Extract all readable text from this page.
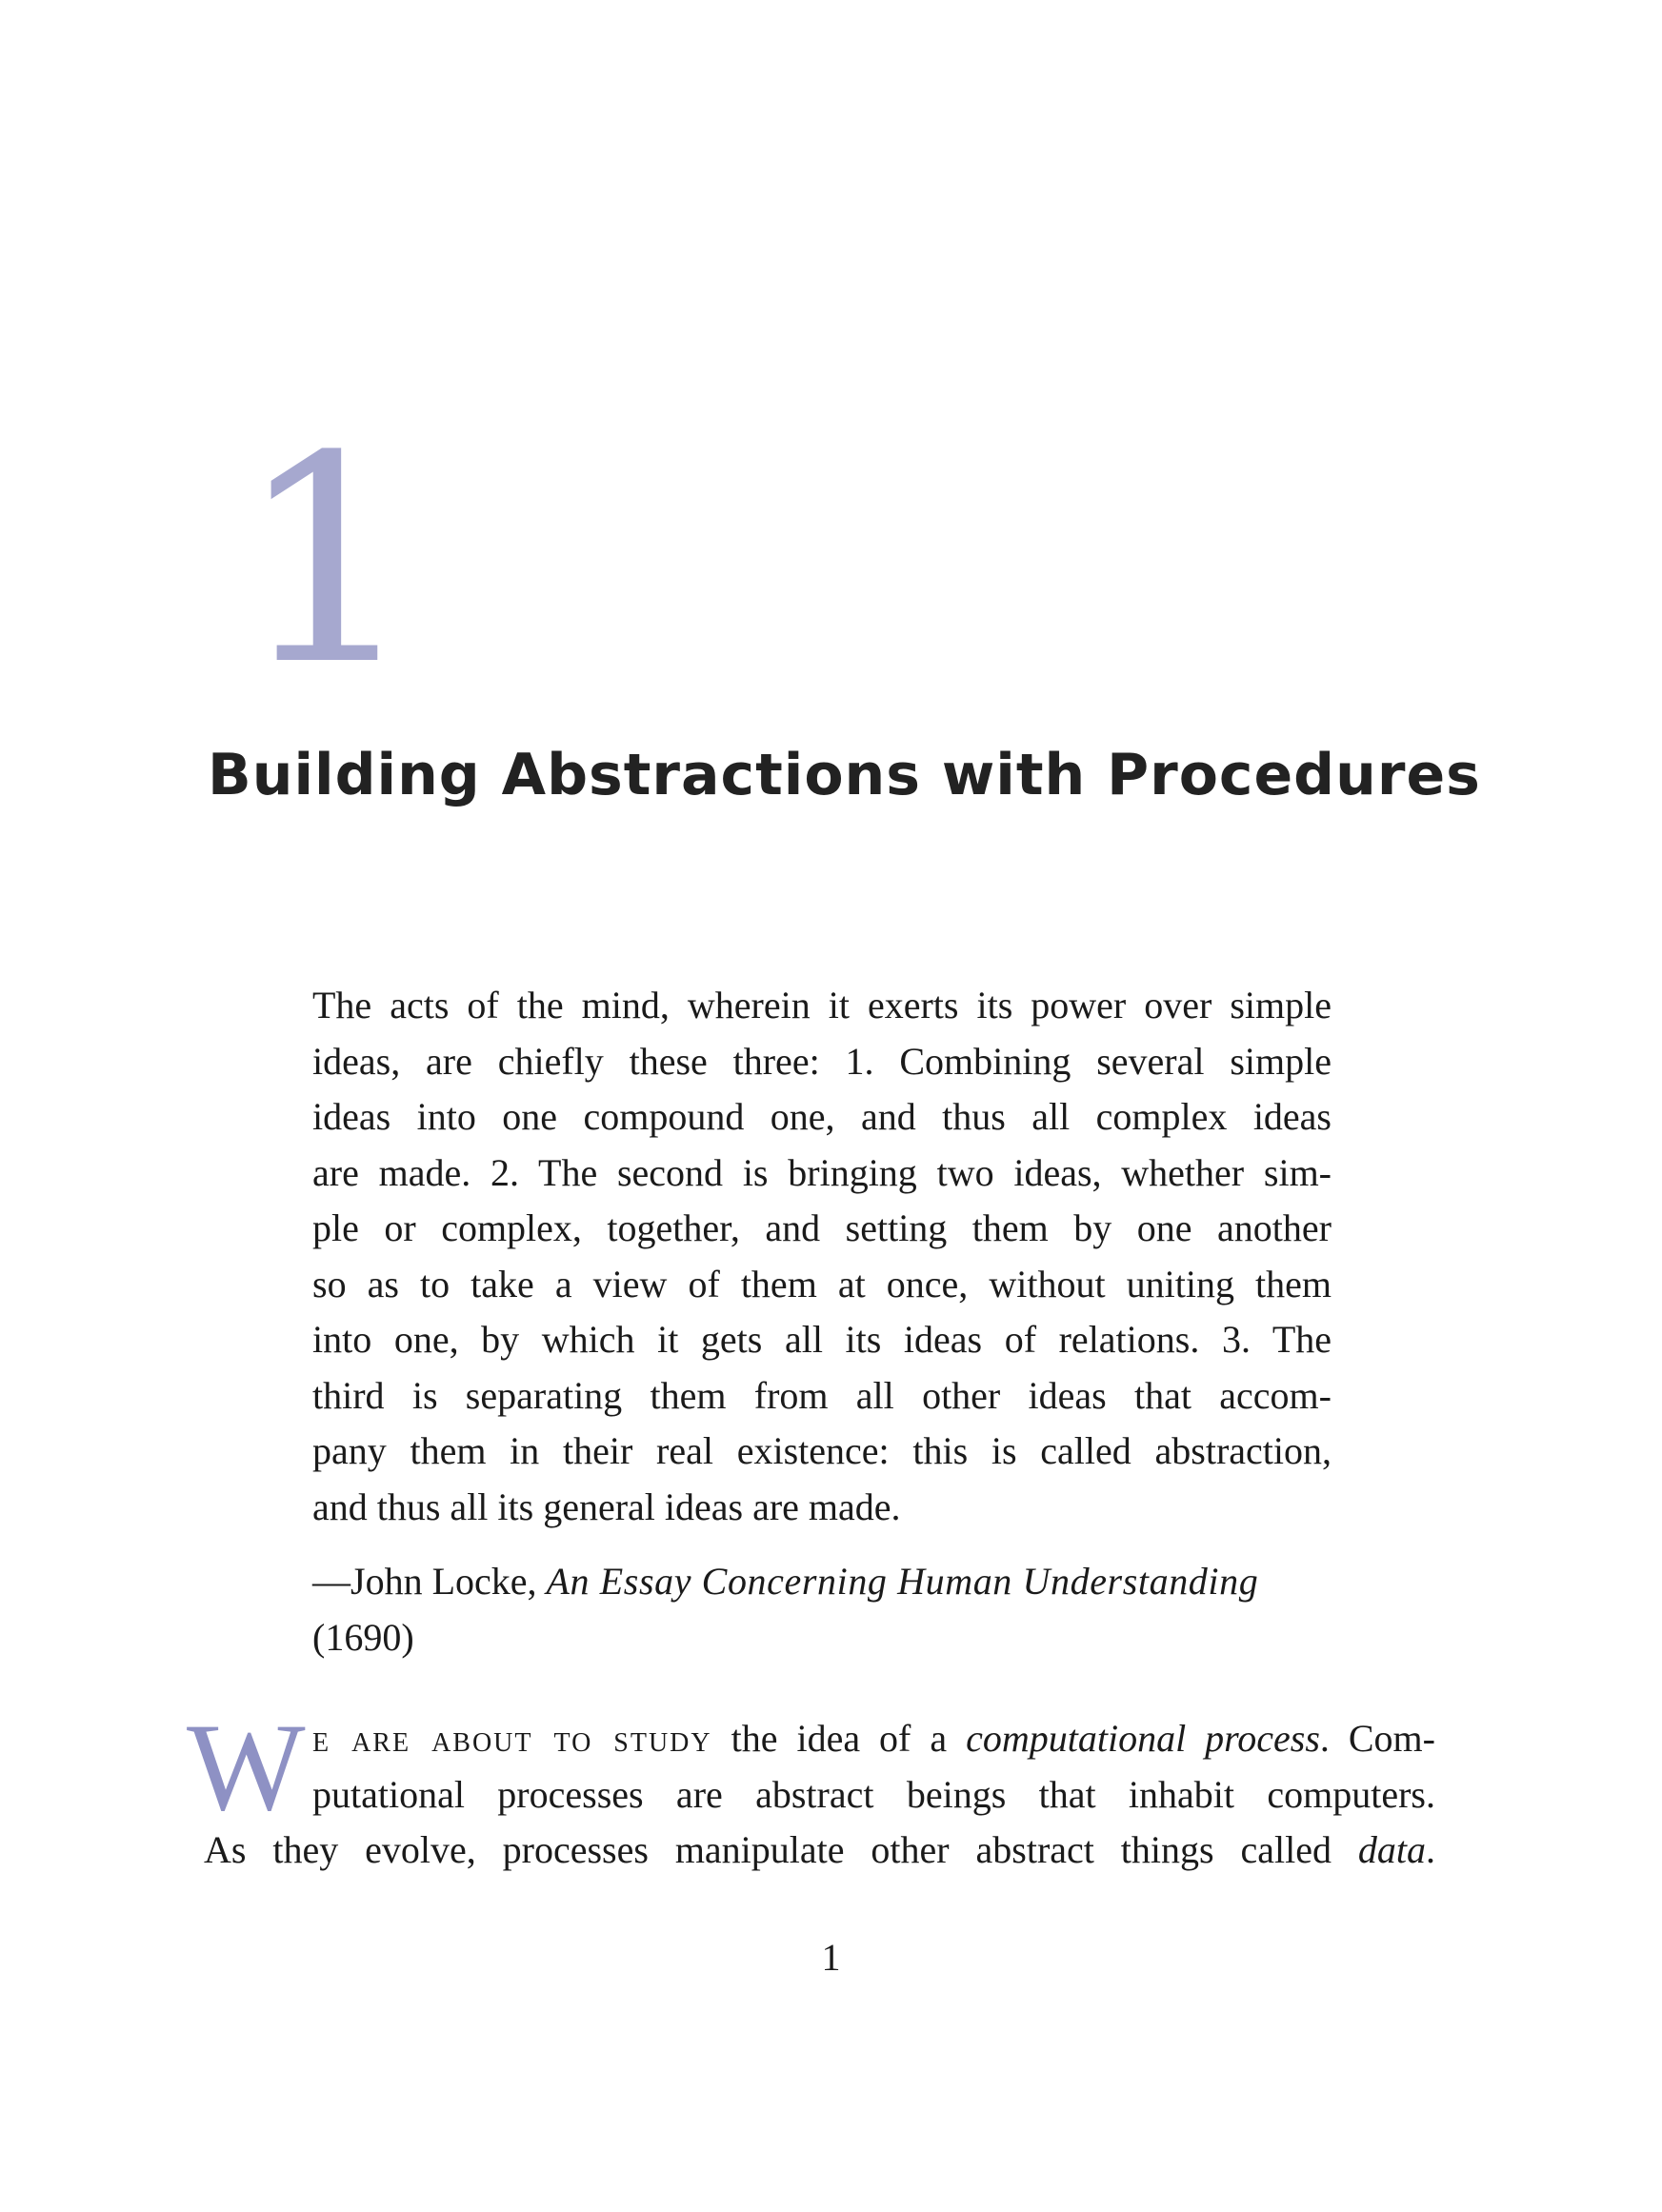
1
Building Abstractions with Procedures
The acts of the mind, wherein it exerts its power over simple
ideas, are chiefly these three: 1. Combining several simple
ideas into one compound one, and thus all complex ideas
are made. 2. The second is bringing two ideas, whether sim-
ple or complex, together, and setting them by one another
so as to take a view of them at once, without uniting them
into one, by which it gets all its ideas of relations. 3. The
third is separating them from all other ideas that accom-
pany them in their real existence: this is called abstraction,
and thus all its general ideas are made.
—John Locke, An Essay Concerning Human Understanding
(1690)
W e are about to study the idea of a computational process. Com-
putational processes are abstract beings that inhabit computers.
As they evolve, processes manipulate other abstract things called data.
1
